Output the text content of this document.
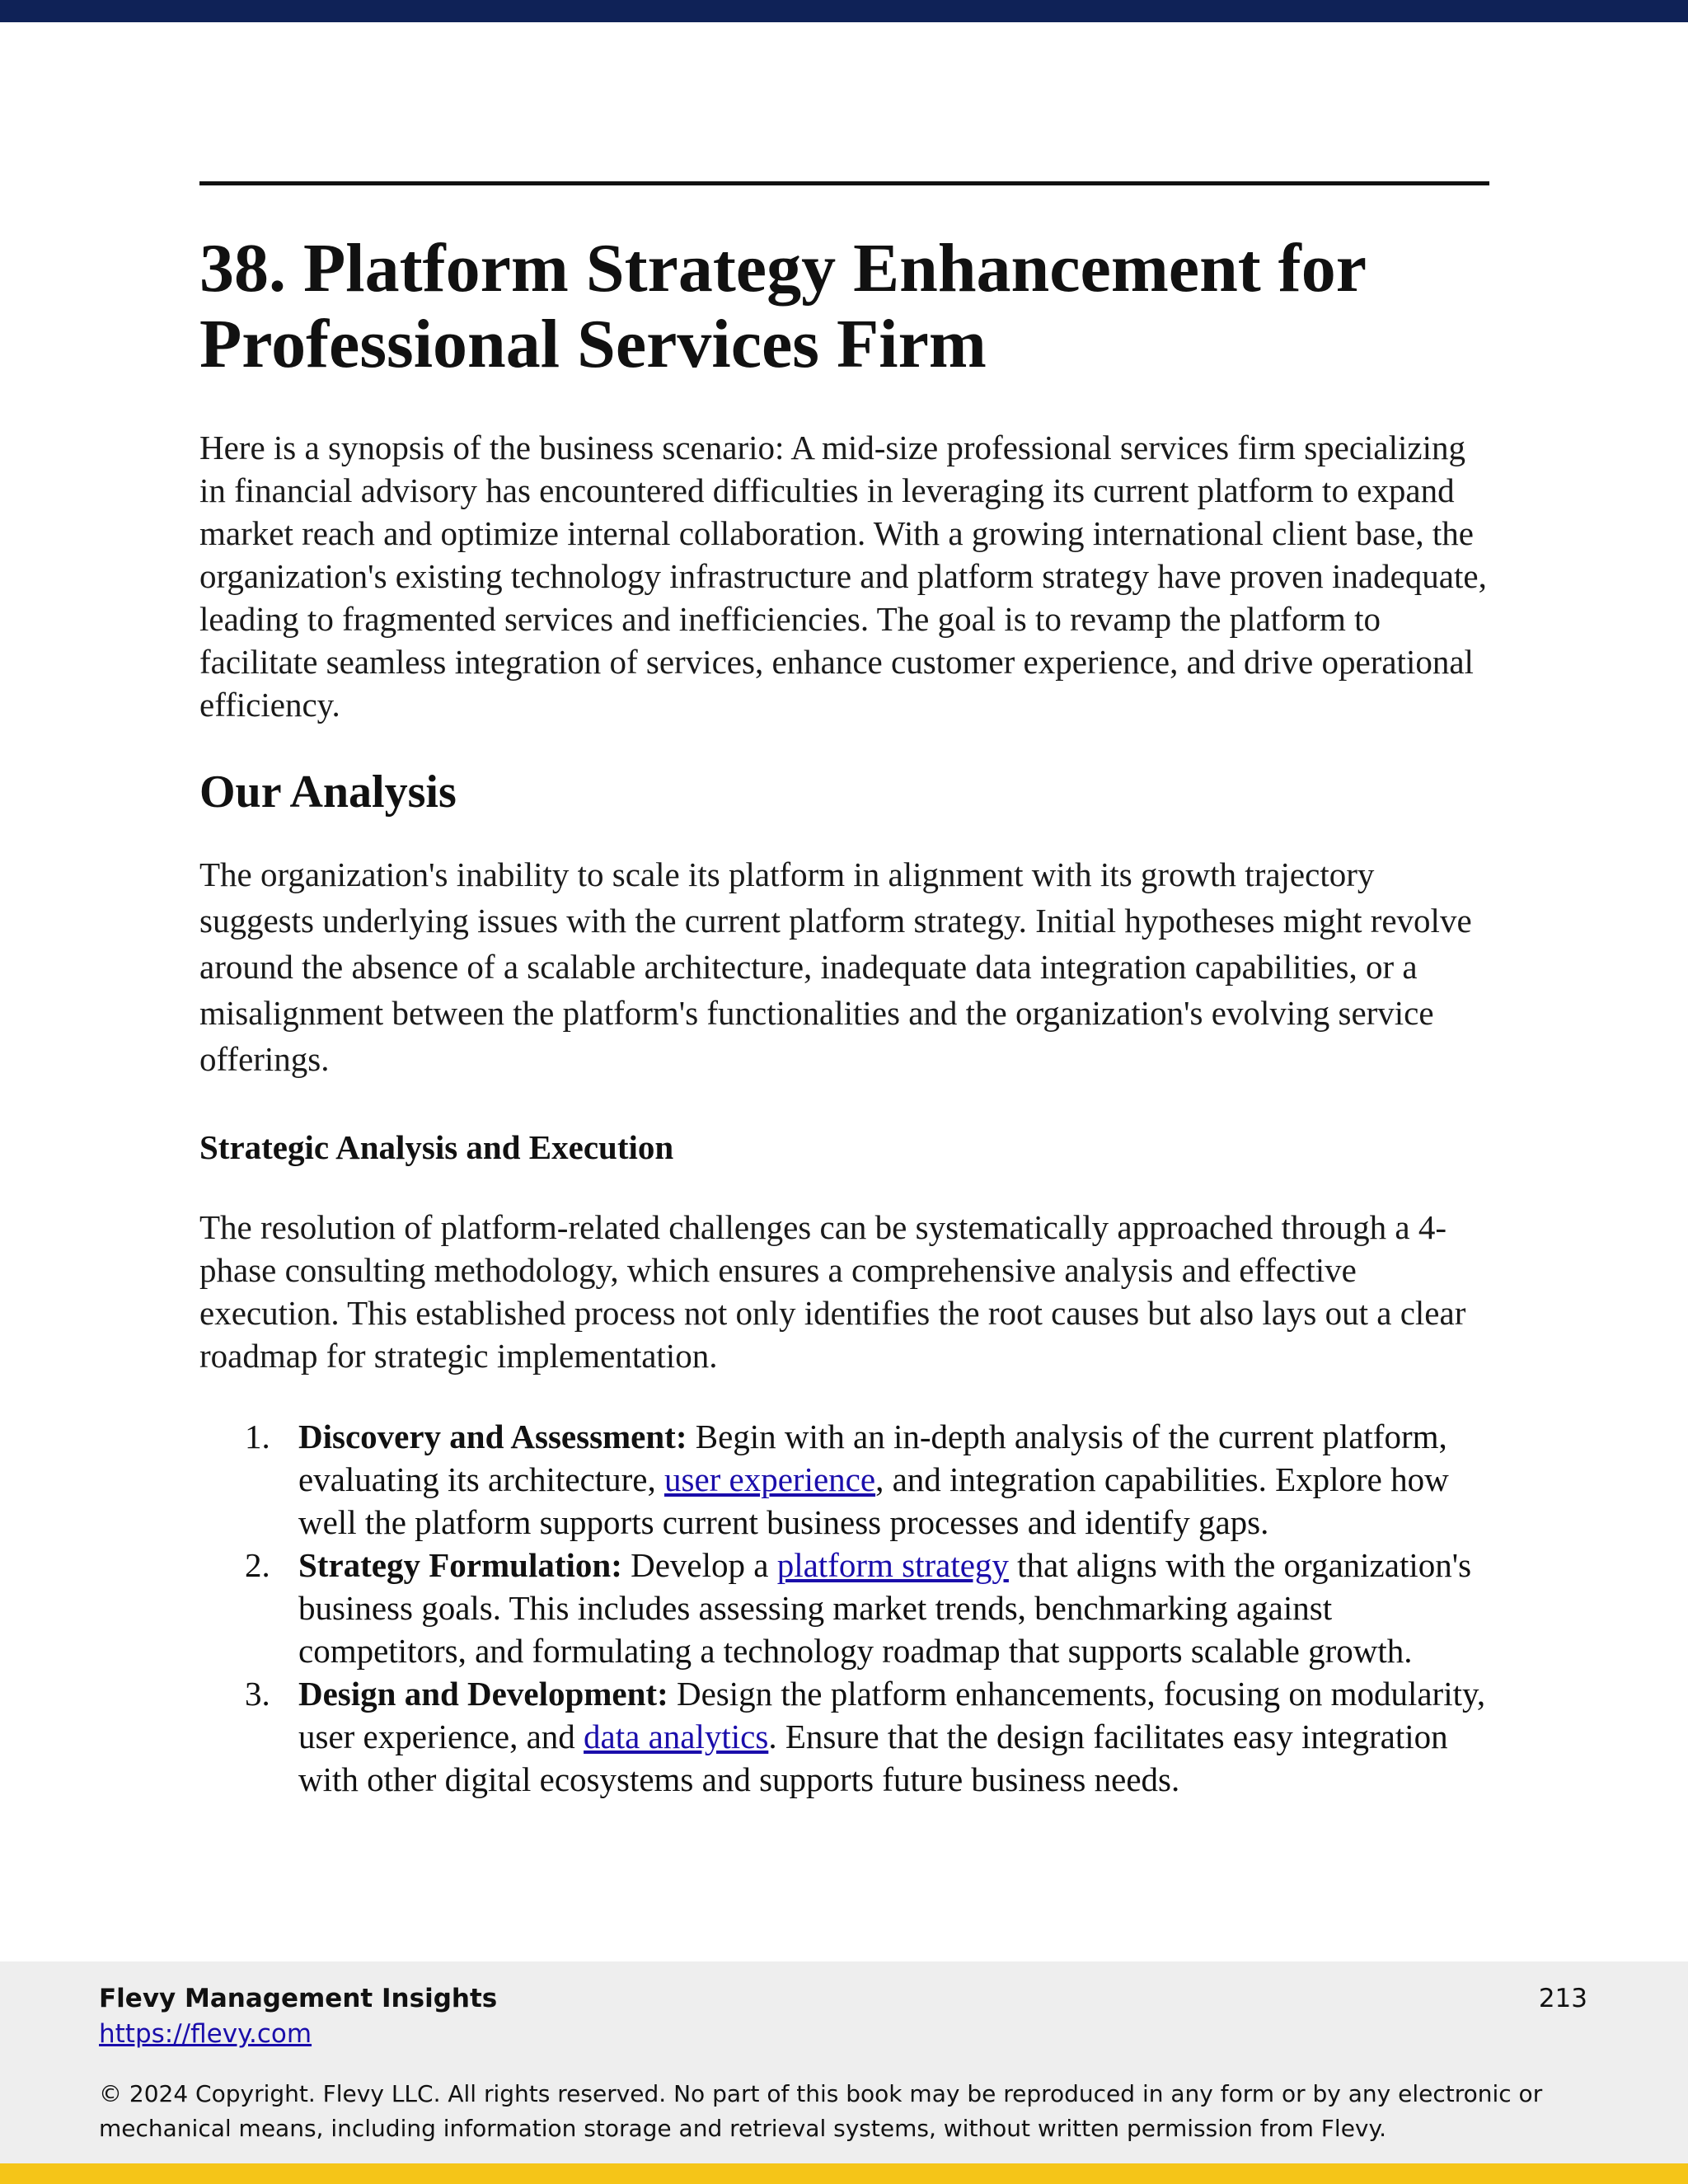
38. Platform Strategy Enhancement for Professional Services Firm

Here is a synopsis of the business scenario: A mid-size professional services firm specializing in financial advisory has encountered difficulties in leveraging its current platform to expand market reach and optimize internal collaboration. With a growing international client base, the organization's existing technology infrastructure and platform strategy have proven inadequate, leading to fragmented services and inefficiencies. The goal is to revamp the platform to facilitate seamless integration of services, enhance customer experience, and drive operational efficiency.

Our Analysis

The organization's inability to scale its platform in alignment with its growth trajectory suggests underlying issues with the current platform strategy. Initial hypotheses might revolve around the absence of a scalable architecture, inadequate data integration capabilities, or a misalignment between the platform's functionalities and the organization's evolving service offerings.

Strategic Analysis and Execution

The resolution of platform-related challenges can be systematically approached through a 4-phase consulting methodology, which ensures a comprehensive analysis and effective execution. This established process not only identifies the root causes but also lays out a clear roadmap for strategic implementation.

1. Discovery and Assessment: Begin with an in-depth analysis of the current platform, evaluating its architecture, user experience, and integration capabilities. Explore how well the platform supports current business processes and identify gaps.
2. Strategy Formulation: Develop a platform strategy that aligns with the organization's business goals. This includes assessing market trends, benchmarking against competitors, and formulating a technology roadmap that supports scalable growth.
3. Design and Development: Design the platform enhancements, focusing on modularity, user experience, and data analytics. Ensure that the design facilitates easy integration with other digital ecosystems and supports future business needs.
Flevy Management Insights
https://flevy.com
213
© 2024 Copyright. Flevy LLC. All rights reserved. No part of this book may be reproduced in any form or by any electronic or mechanical means, including information storage and retrieval systems, without written permission from Flevy.
